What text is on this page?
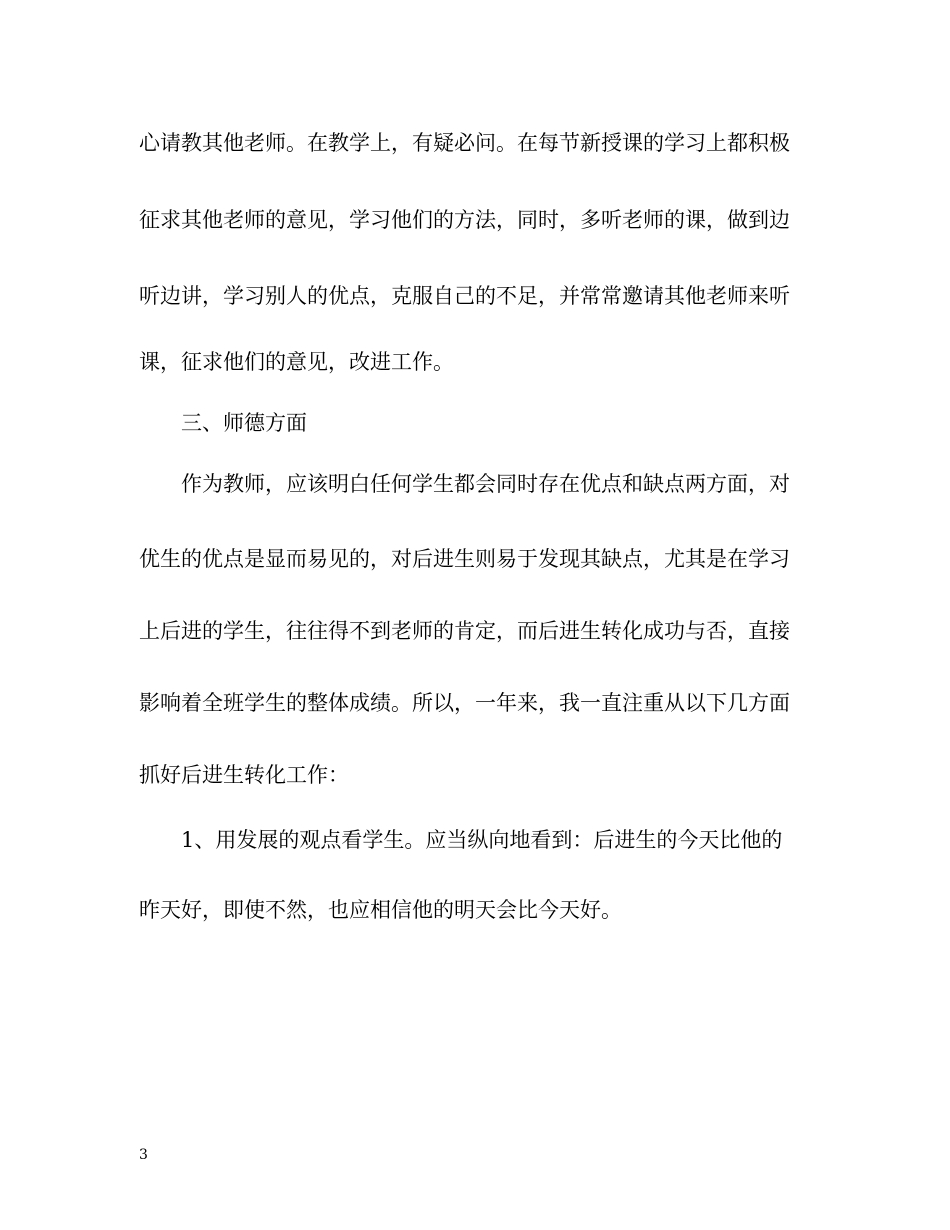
心请教其他老师。在教学上，有疑必问。在每节新授课的学习上都积极
征求其他老师的意见，学习他们的方法，同时，多听老师的课，做到边
听边讲，学习别人的优点，克服自己的不足，并常常邀请其他老师来听
课，征求他们的意见，改进工作。
三、师德方面
作为教师，应该明白任何学生都会同时存在优点和缺点两方面，对
优生的优点是显而易见的，对后进生则易于发现其缺点，尤其是在学习
上后进的学生，往往得不到老师的肯定，而后进生转化成功与否，直接
影响着全班学生的整体成绩。所以，一年来，我一直注重从以下几方面
抓好后进生转化工作：
1、用发展的观点看学生。应当纵向地看到：后进生的今天比他的
昨天好，即使不然，也应相信他的明天会比今天好。
3
